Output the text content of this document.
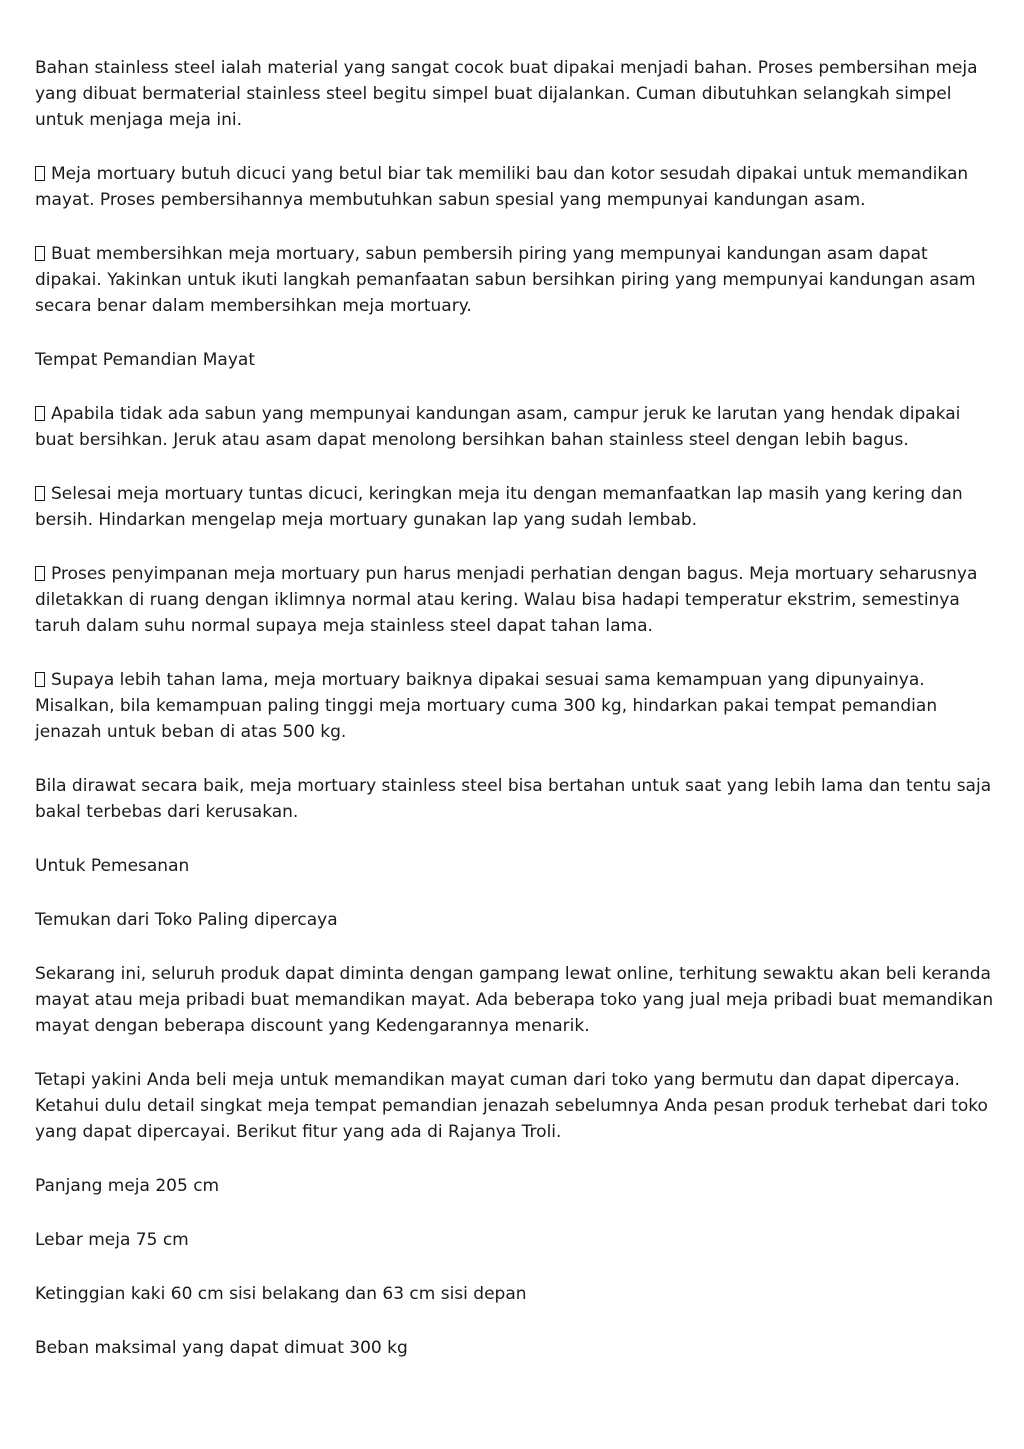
Bahan stainless steel ialah material yang sangat cocok buat dipakai menjadi bahan. Proses pembersihan meja yang dibuat bermaterial stainless steel begitu simpel buat dijalankan. Cuman dibutuhkan selangkah simpel untuk menjaga meja ini.

Meja mortuary butuh dicuci yang betul biar tak memiliki bau dan kotor sesudah dipakai untuk memandikan mayat. Proses pembersihannya membutuhkan sabun spesial yang mempunyai kandungan asam.

Buat membersihkan meja mortuary, sabun pembersih piring yang mempunyai kandungan asam dapat dipakai. Yakinkan untuk ikuti langkah pemanfaatan sabun bersihkan piring yang mempunyai kandungan asam secara benar dalam membersihkan meja mortuary.

Tempat Pemandian Mayat

Apabila tidak ada sabun yang mempunyai kandungan asam, campur jeruk ke larutan yang hendak dipakai buat bersihkan. Jeruk atau asam dapat menolong bersihkan bahan stainless steel dengan lebih bagus.

Selesai meja mortuary tuntas dicuci, keringkan meja itu dengan memanfaatkan lap masih yang kering dan bersih. Hindarkan mengelap meja mortuary gunakan lap yang sudah lembab.

Proses penyimpanan meja mortuary pun harus menjadi perhatian dengan bagus. Meja mortuary seharusnya diletakkan di ruang dengan iklimnya normal atau kering. Walau bisa hadapi temperatur ekstrim, semestinya taruh dalam suhu normal supaya meja stainless steel dapat tahan lama.

Supaya lebih tahan lama, meja mortuary baiknya dipakai sesuai sama kemampuan yang dipunyainya. Misalkan, bila kemampuan paling tinggi meja mortuary cuma 300 kg, hindarkan pakai tempat pemandian jenazah untuk beban di atas 500 kg.

Bila dirawat secara baik, meja mortuary stainless steel bisa bertahan untuk saat yang lebih lama dan tentu saja bakal terbebas dari kerusakan.

Untuk Pemesanan

Temukan dari Toko Paling dipercaya

Sekarang ini, seluruh produk dapat diminta dengan gampang lewat online, terhitung sewaktu akan beli keranda mayat atau meja pribadi buat memandikan mayat. Ada beberapa toko yang jual meja pribadi buat memandikan mayat dengan beberapa discount yang Kedengarannya menarik.

Tetapi yakini Anda beli meja untuk memandikan mayat cuman dari toko yang bermutu dan dapat dipercaya. Ketahui dulu detail singkat meja tempat pemandian jenazah sebelumnya Anda pesan produk terhebat dari toko yang dapat dipercayai. Berikut fitur yang ada di Rajanya Troli.

Panjang meja 205 cm

Lebar meja 75 cm

Ketinggian kaki 60 cm sisi belakang dan 63 cm sisi depan

Beban maksimal yang dapat dimuat 300 kg
